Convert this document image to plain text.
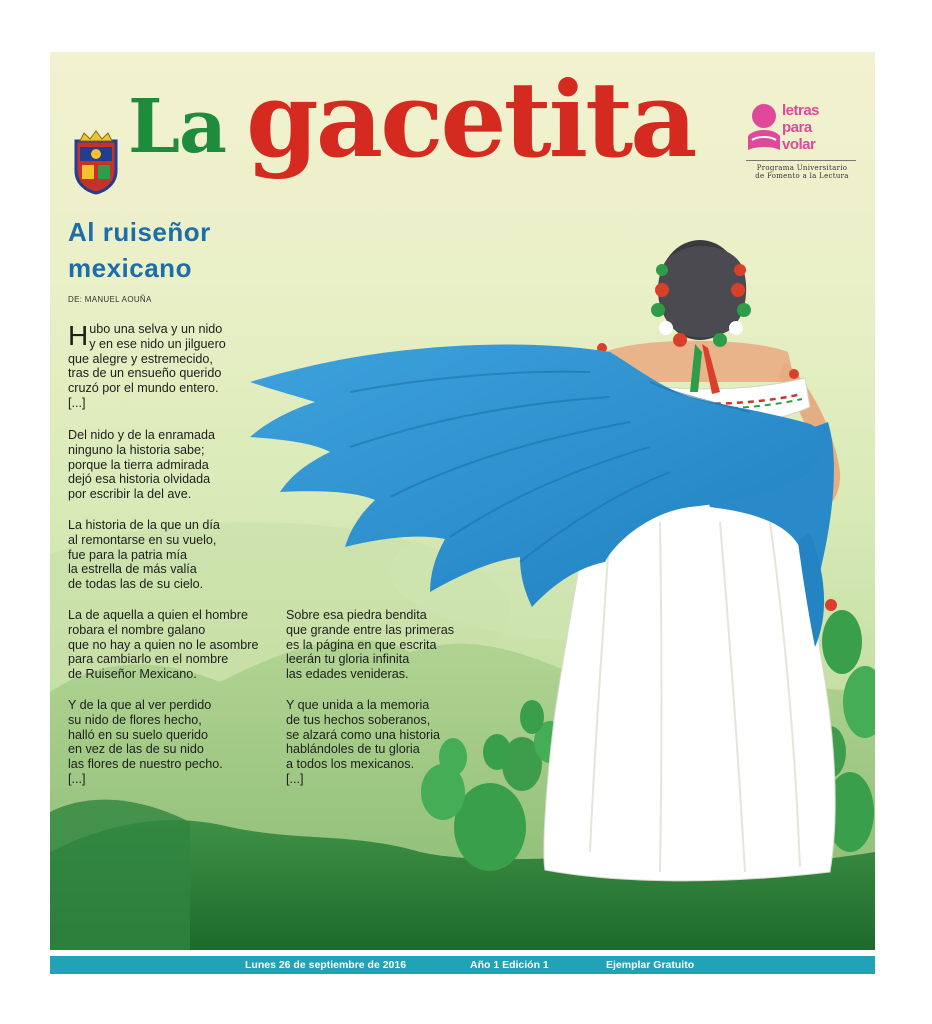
La gacetita	letras
para
volar
Programa Universitario
de Fomento a la Lectura
Al ruiseñor
mexicano
DE: MANUEL AOUÑA
H ubo una selva y un nido
y en ese nido un jilguero
que alegre y estremecido,
tras de un ensueño querido
cruzó por el mundo entero.
[...]
Del nido y de la enramada
ninguno la historia sabe;
porque la tierra admirada
dejó esa historia olvidada
por escribir la del ave.
La historia de la que un día
al remontarse en su vuelo,
fue para la patria mía
la estrella de más valía
de todas las de su cielo.
La de aquella a quien el hombre
robara el nombre galano
que no hay a quien no le asombre
para cambiarlo en el nombre
de Ruiseñor Mexicano.
Y de la que al ver perdido
su nido de flores hecho,
halló en su suelo querido
en vez de las de su nido
las flores de nuestro pecho.
[...]
Sobre esa piedra bendita
que grande entre las primeras
es la página en que escrita
leerán tu gloria infinita
las edades venideras.
Y que unida a la memoria
de tus hechos soberanos,
se alzará como una historia
hablándoles de tu gloria
a todos los mexicanos.
[...]
Lunes 26 de septiembre de 2016	Año 1 Edición 1	Ejemplar Gratuito
